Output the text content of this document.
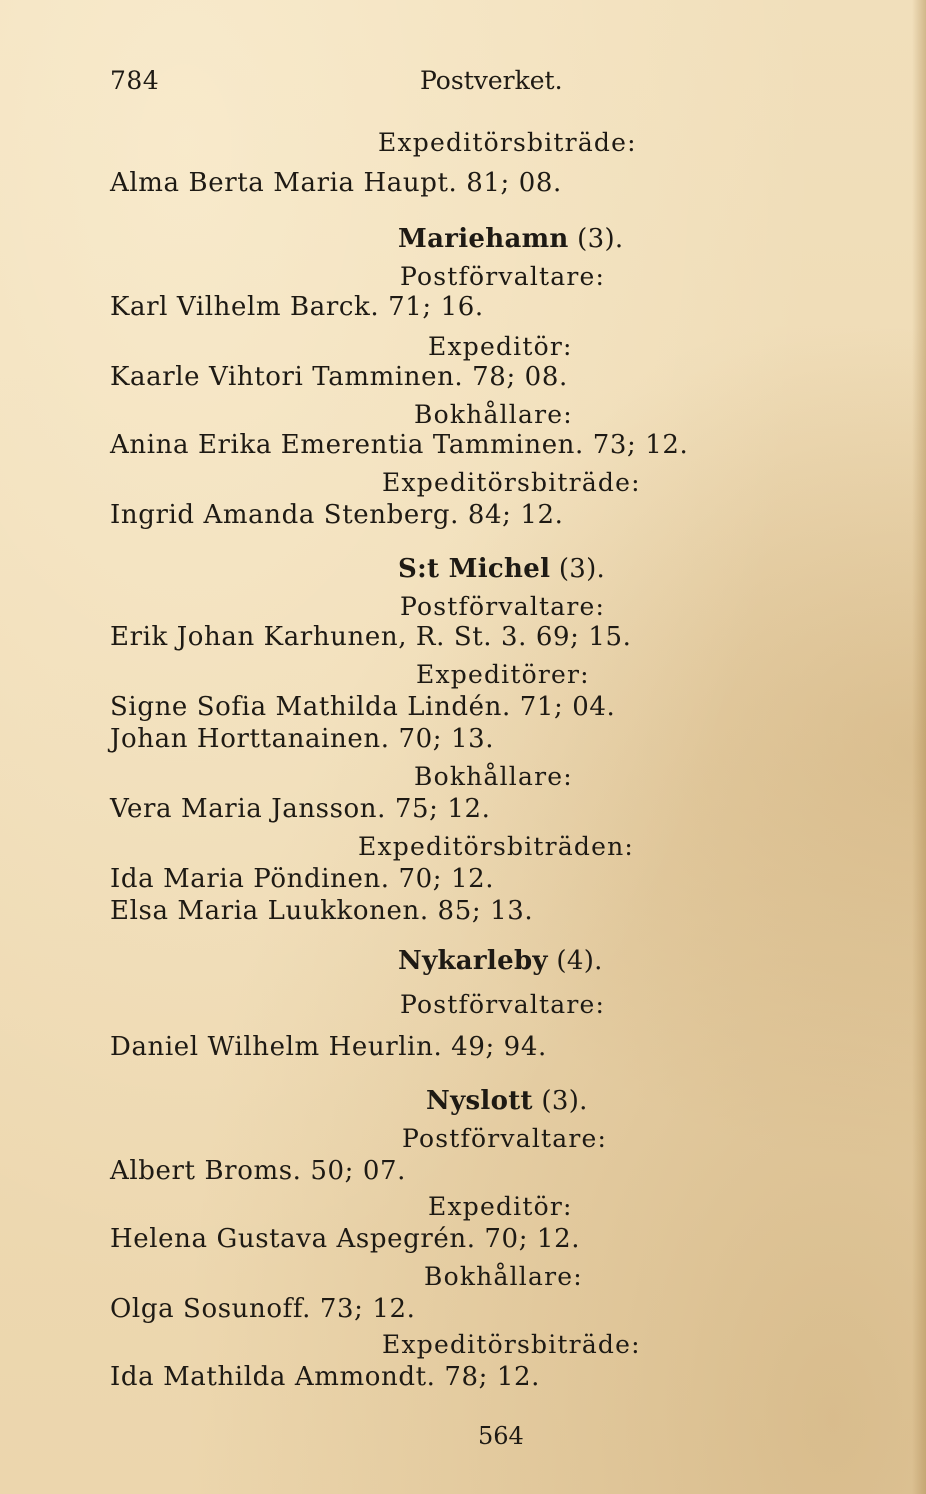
784	Postverket.
Expeditörsbiträde:
Alma Berta Maria Haupt. 81; 08.
Mariehamn (3).
Postförvaltare:
Karl Vilhelm Barck. 71; 16.
Expeditör:
Kaarle Vihtori Tamminen. 78; 08.
Bokhållare:
Anina Erika Emerentia Tamminen. 73; 12.
Expeditörsbiträde:
Ingrid Amanda Stenberg. 84; 12.
S:t Michel (3).
Postförvaltare:
Erik Johan Karhunen, R. St. 3. 69; 15.
Expeditörer:
Signe Sofia Mathilda Lindén. 71; 04.
Johan Horttanainen. 70; 13.
Bokhållare:
Vera Maria Jansson. 75; 12.
Expeditörsbiträden:
Ida Maria Pöndinen. 70; 12.
Elsa Maria Luukkonen. 85; 13.
Nykarleby (4).
Postförvaltare:
Daniel Wilhelm Heurlin. 49; 94.
Nyslott (3).
Postförvaltare:
Albert Broms. 50; 07.
Expeditör:
Helena Gustava Aspegrén. 70; 12.
Bokhållare:
Olga Sosunoff. 73; 12.
Expeditörsbiträde:
Ida Mathilda Ammondt. 78; 12.
564
